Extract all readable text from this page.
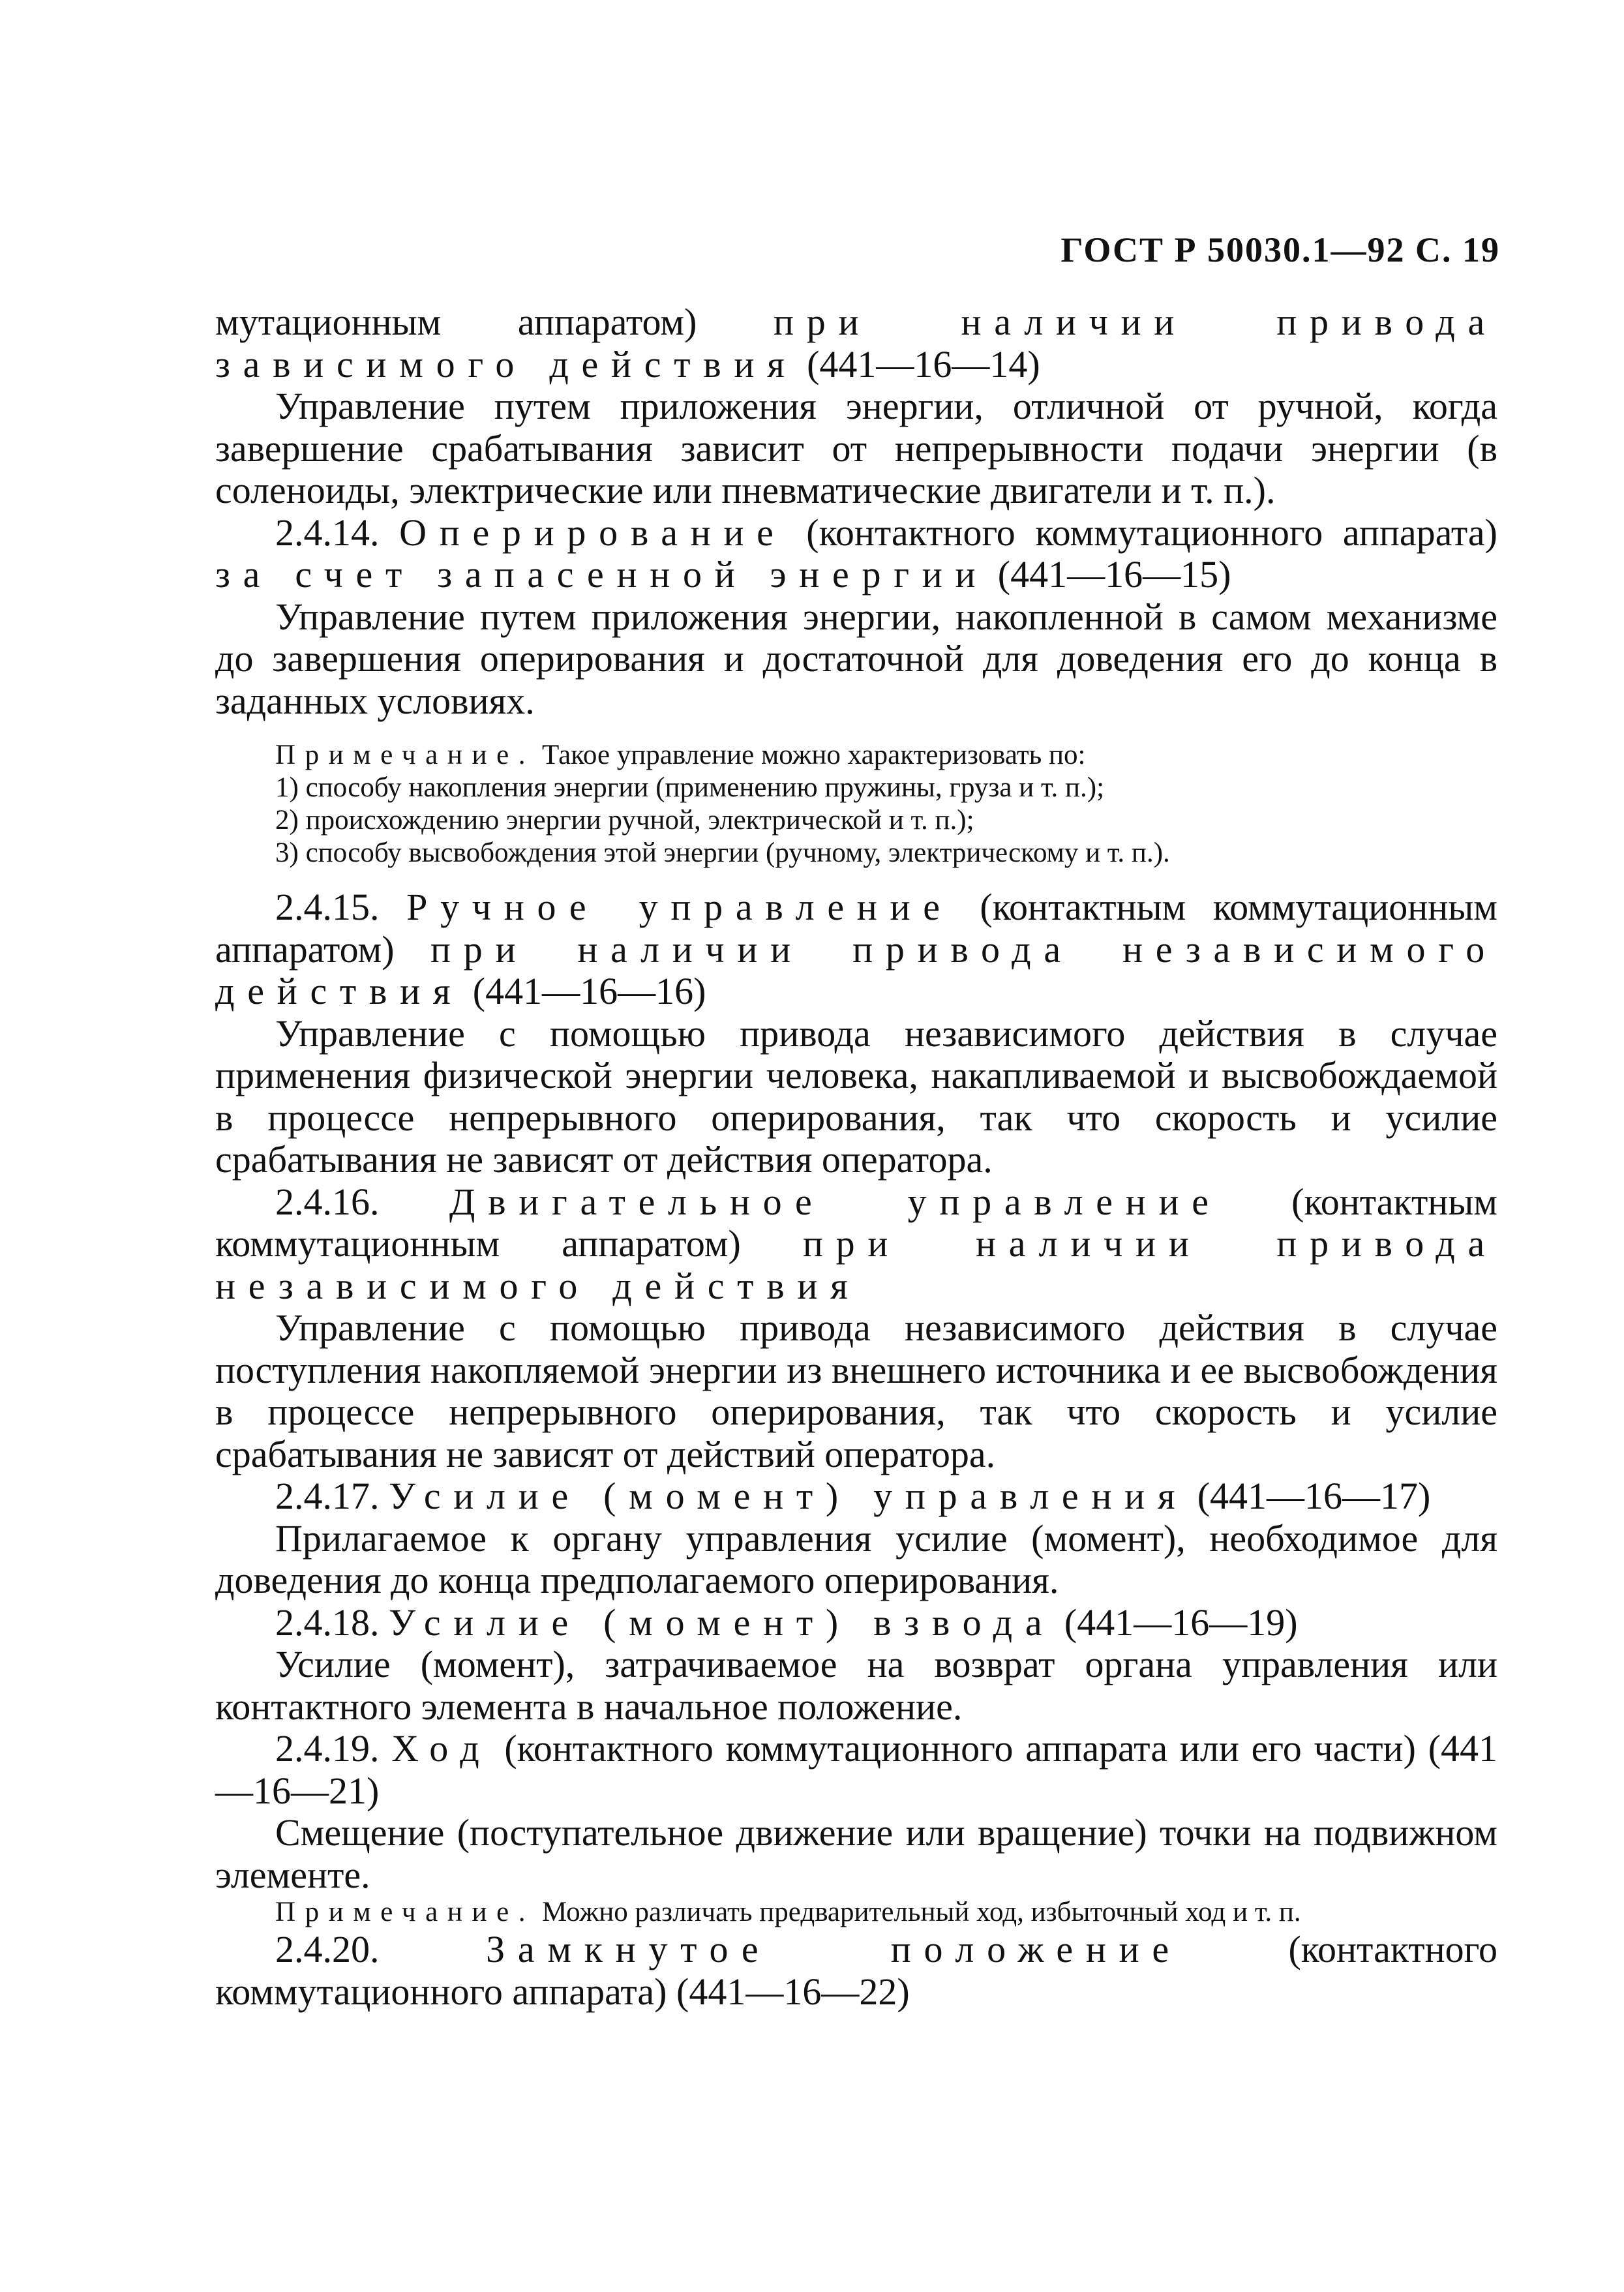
ГОСТ Р 50030.1—92 С. 19

мутационным аппаратом) при наличии привода зависимого действия (441—16—14)

Управление путем приложения энергии, отличной от ручной, когда завершение срабатывания зависит от непрерывности подачи энергии (в соленоиды, электрические или пневматические двигатели и т. п.).

2.4.14. Оперирование (контактного коммутационного аппарата) за счет запасенной энергии (441—16—15)

Управление путем приложения энергии, накопленной в самом механизме до завершения оперирования и достаточной для доведения его до конца в заданных условиях.

Примечание. Такое управление можно характеризовать по:

1) способу накопления энергии (применению пружины, груза и т. п.);

2) происхождению энергии ручной, электрической и т. п.);

3) способу высвобождения этой энергии (ручному, электрическому и т. п.).

2.4.15. Ручное управление (контактным коммутационным аппаратом) при наличии привода независимого действия (441—16—16)

Управление с помощью привода независимого действия в случае применения физической энергии человека, накапливаемой и высвобождаемой в процессе непрерывного оперирования, так что скорость и усилие срабатывания не зависят от действия оператора.

2.4.16. Двигательное управление (контактным коммутационным аппаратом) при наличии привода независимого действия

Управление с помощью привода независимого действия в случае поступления накопляемой энергии из внешнего источника и ее высвобождения в процессе непрерывного оперирования, так что скорость и усилие срабатывания не зависят от действий оператора.

2.4.17. Усилие (момент) управления (441—16—17)

Прилагаемое к органу управления усилие (момент), необходимое для доведения до конца предполагаемого оперирования.

2.4.18. Усилие (момент) взвода (441—16—19)

Усилие (момент), затрачиваемое на возврат органа управления или контактного элемента в начальное положение.

2.4.19. Ход (контактного коммутационного аппарата или его части) (441—16—21)

Смещение (поступательное движение или вращение) точки на подвижном элементе.

Примечание. Можно различать предварительный ход, избыточный ход и т. п.

2.4.20.	Замкнутое положение	(контактного коммутационного аппарата) (441—16—22)
